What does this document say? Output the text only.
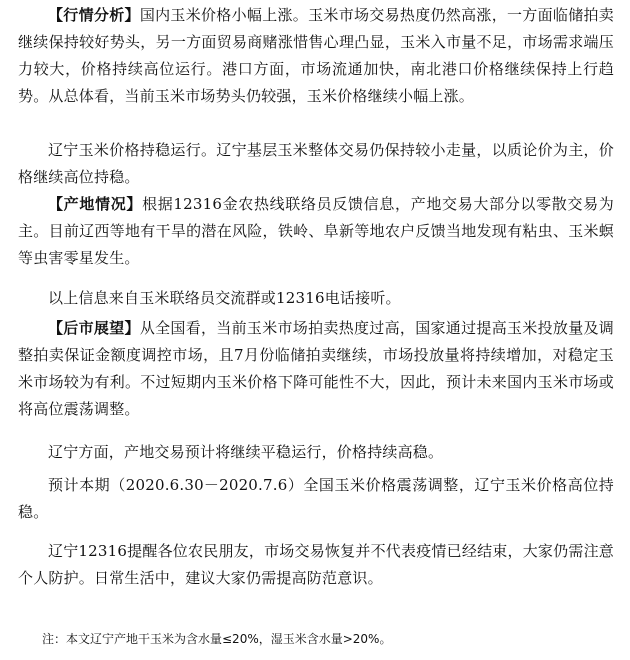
【行情分析】国内玉米价格小幅上涨。玉米市场交易热度仍然高涨，一方面临储拍卖继续保持较好势头，另一方面贸易商赌涨惜售心理凸显，玉米入市量不足，市场需求端压力较大，价格持续高位运行。港口方面，市场流通加快，南北港口价格继续保持上行趋势。从总体看，当前玉米市场势头仍较强，玉米价格继续小幅上涨。

辽宁玉米价格持稳运行。辽宁基层玉米整体交易仍保持较小走量，以质论价为主，价格继续高位持稳。

【产地情况】根据12316金农热线联络员反馈信息，产地交易大部分以零散交易为主。目前辽西等地有干旱的潜在风险，铁岭、阜新等地农户反馈当地发现有粘虫、玉米螟等虫害零星发生。

以上信息来自玉米联络员交流群或12316电话接听。

【后市展望】从全国看，当前玉米市场拍卖热度过高，国家通过提高玉米投放量及调整拍卖保证金额度调控市场，且7月份临储拍卖继续，市场投放量将持续增加，对稳定玉米市场较为有利。不过短期内玉米价格下降可能性不大，因此，预计未来国内玉米市场或将高位震荡调整。

辽宁方面，产地交易预计将继续平稳运行，价格持续高稳。

预计本期（2020.6.30－2020.7.6）全国玉米价格震荡调整，辽宁玉米价格高位持稳。

辽宁12316提醒各位农民朋友，市场交易恢复并不代表疫情已经结束，大家仍需注意个人防护。日常生活中，建议大家仍需提高防范意识。

注：本文辽宁产地干玉米为含水量≤20%，湿玉米含水量>20%。
